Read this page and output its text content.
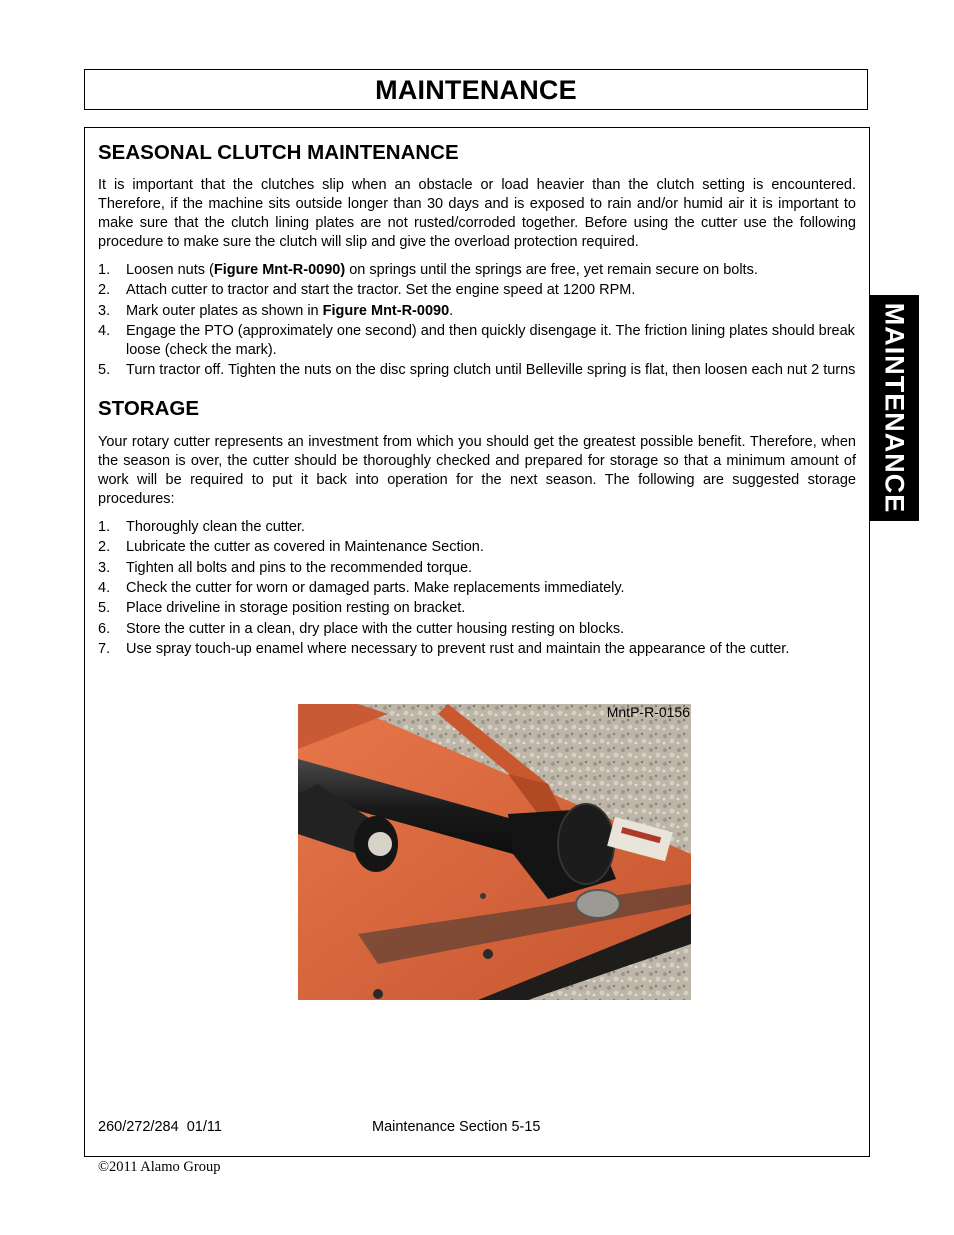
MAINTENANCE
MAINTENANCE
SEASONAL CLUTCH MAINTENANCE

It is important that the clutches slip when an obstacle or load heavier than the clutch setting is encountered. Therefore, if the machine sits outside longer than 30 days and is exposed to rain and/or humid air it is important to make sure that the clutch lining plates are not rusted/corroded together. Before using the cutter use the following procedure to make sure the clutch will slip and give the overload protection required.

1. Loosen nuts (Figure Mnt-R-0090) on springs until the springs are free, yet remain secure on bolts.
2. Attach cutter to tractor and start the tractor. Set the engine speed at 1200 RPM.
3. Mark outer plates as shown in Figure Mnt-R-0090.
4. Engage the PTO (approximately one second) and then quickly disengage it. The friction lining plates should break loose (check the mark).
5. Turn tractor off. Tighten the nuts on the disc spring clutch until Belleville spring is flat, then loosen each nut 2 turns
STORAGE

Your rotary cutter represents an investment from which you should get the greatest possible benefit. Therefore, when the season is over, the cutter should be thoroughly checked and prepared for storage so that a minimum amount of work will be required to put it back into operation for the next season. The following are suggested storage procedures:

1. Thoroughly clean the cutter.
2. Lubricate the cutter as covered in Maintenance Section.
3. Tighten all bolts and pins to the recommended torque.
4. Check the cutter for worn or damaged parts. Make replacements immediately.
5. Place driveline in storage position resting on bracket.
6. Store the cutter in a clean, dry place with the cutter housing resting on blocks.
7. Use spray touch-up enamel where necessary to prevent rust and maintain the appearance of the cutter.
MntP-R-0156
260/272/284  01/11	Maintenance Section 5-15
©2011 Alamo Group
